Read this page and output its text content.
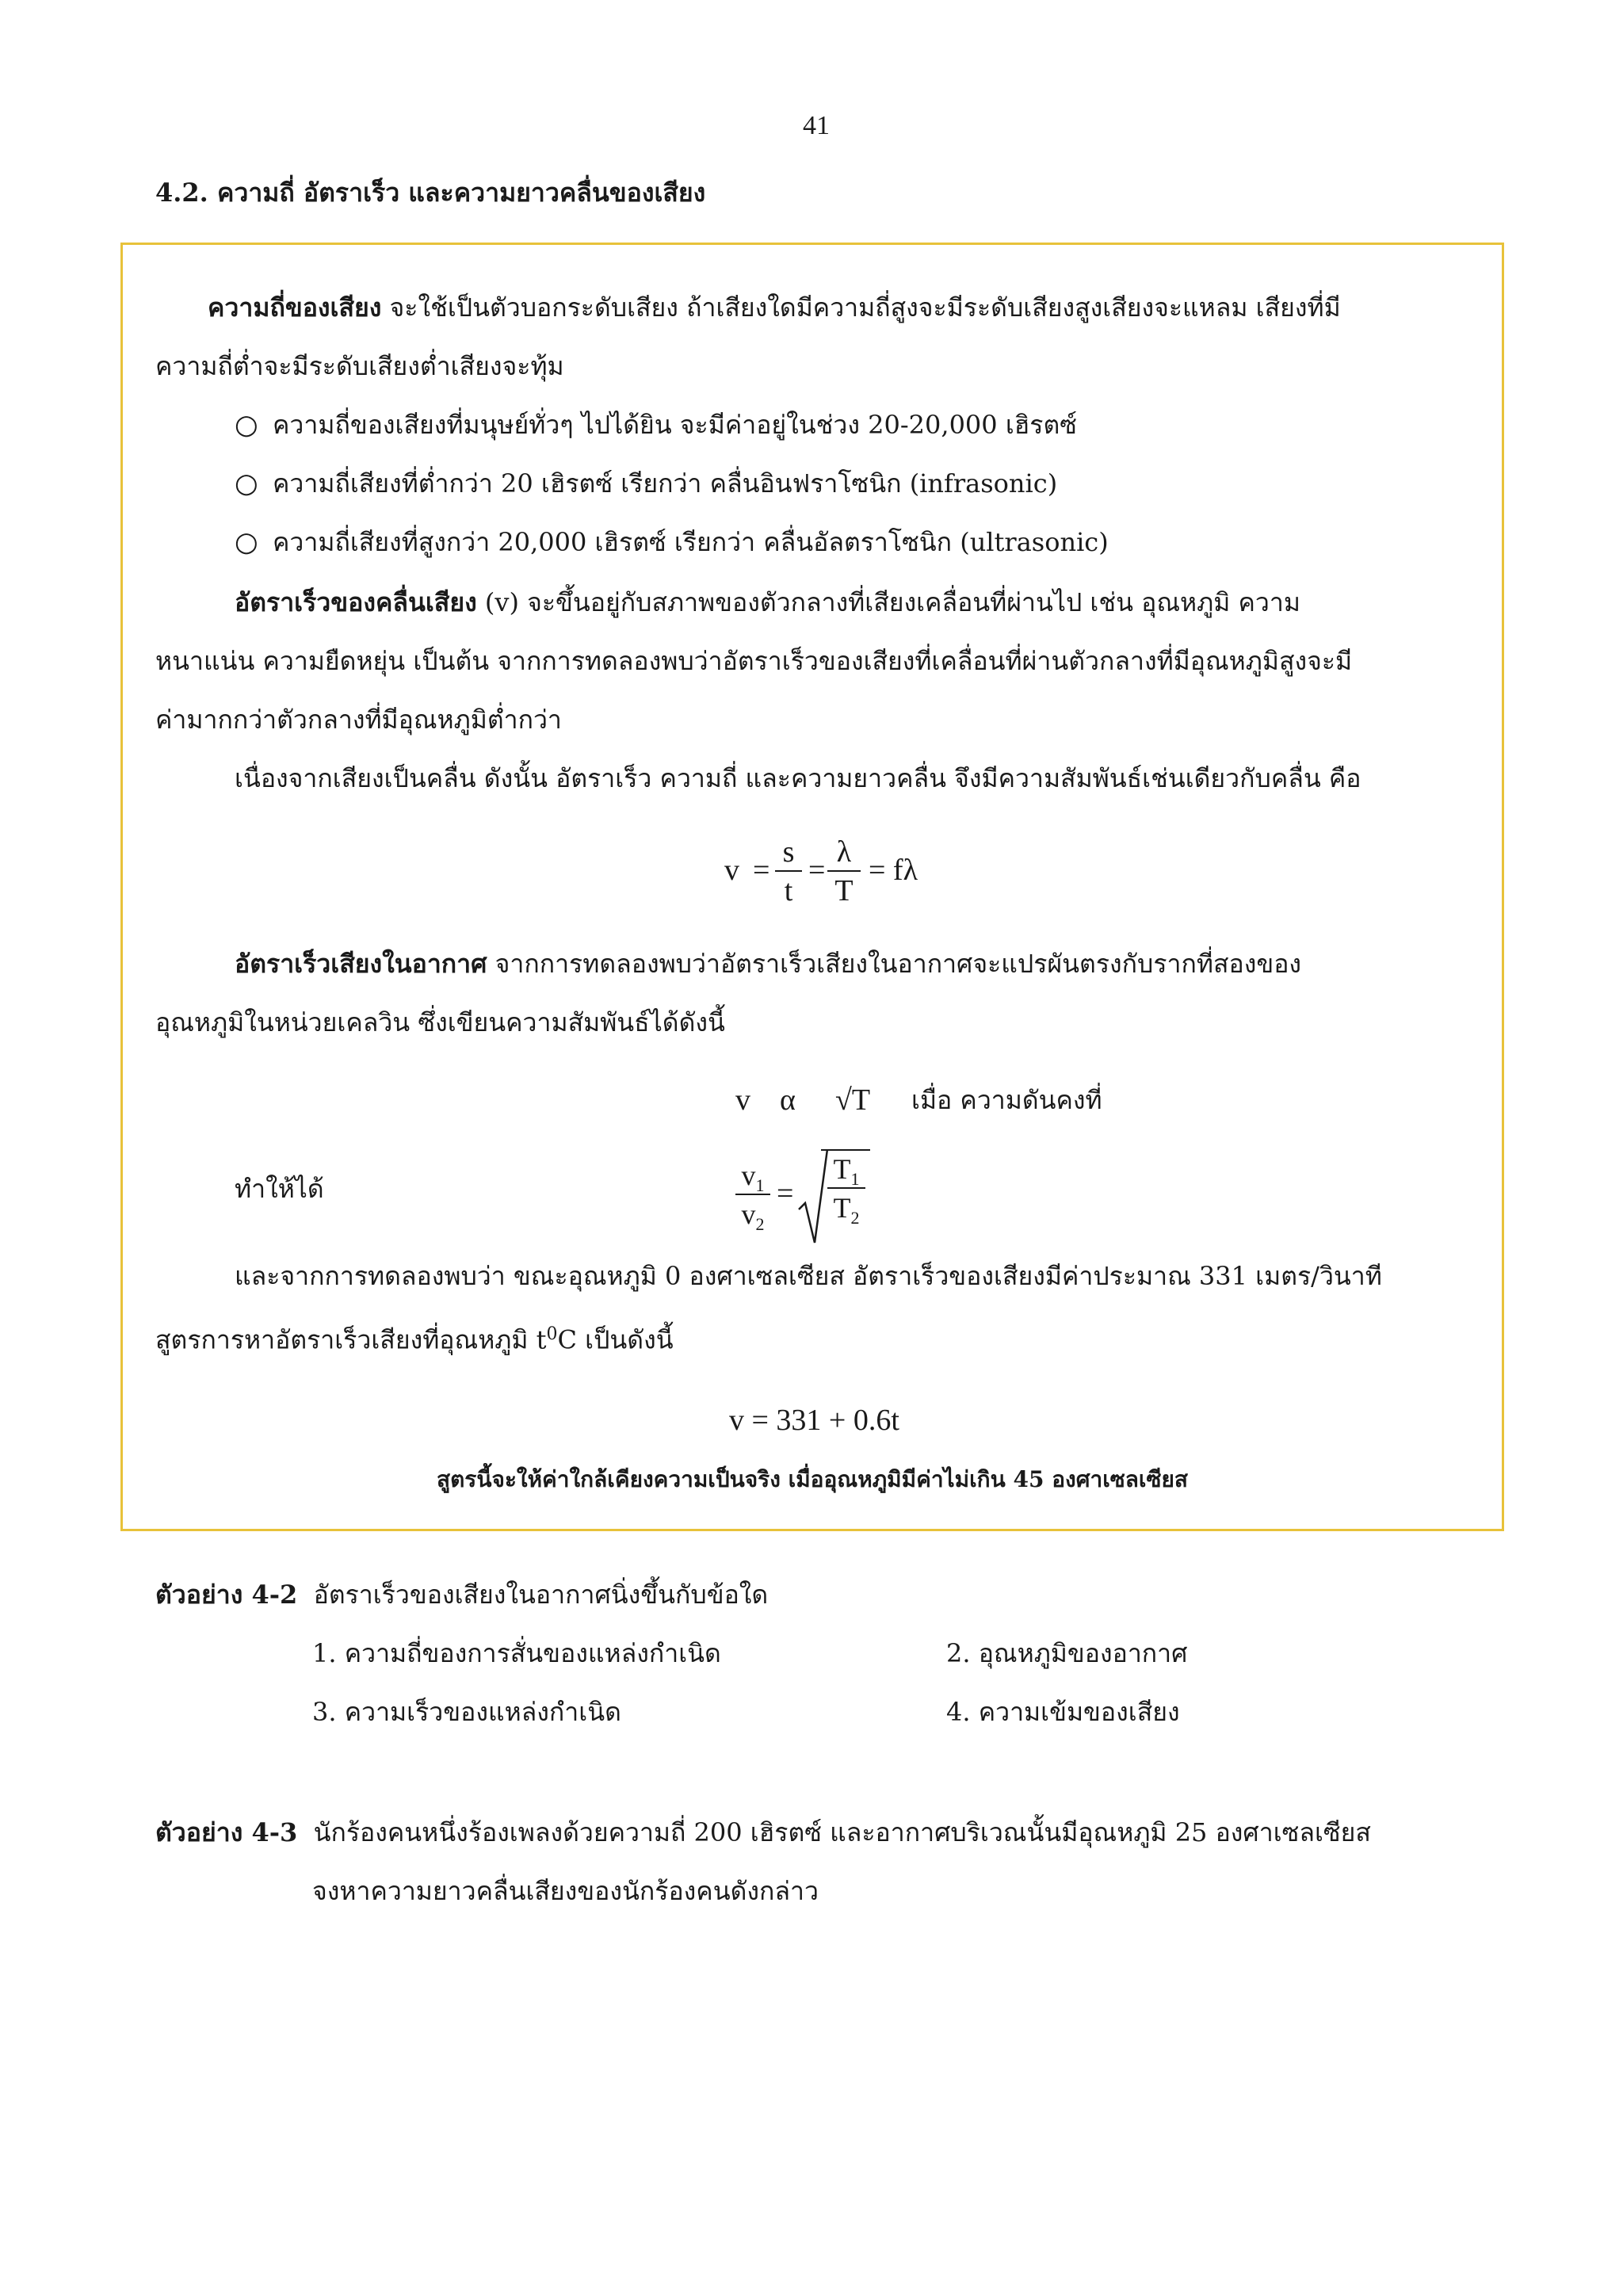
41
4.2. ความถี่ อัตราเร็ว และความยาวคลื่นของเสียง
ความถี่ของเสียง จะใช้เป็นตัวบอกระดับเสียง ถ้าเสียงใดมีความถี่สูงจะมีระดับเสียงสูงเสียงจะแหลม เสียงที่มี
ความถี่ต่ำจะมีระดับเสียงต่ำเสียงจะทุ้ม
○ ความถี่ของเสียงที่มนุษย์ทั่วๆ ไปได้ยิน จะมีค่าอยู่ในช่วง 20-20,000 เฮิรตซ์
○ ความถี่เสียงที่ต่ำกว่า 20 เฮิรตซ์ เรียกว่า คลื่นอินฟราโซนิก (infrasonic)
○ ความถี่เสียงที่สูงกว่า 20,000 เฮิรตซ์ เรียกว่า คลื่นอัลตราโซนิก (ultrasonic)
อัตราเร็วของคลื่นเสียง (v) จะขึ้นอยู่กับสภาพของตัวกลางที่เสียงเคลื่อนที่ผ่านไป เช่น อุณหภูมิ ความ
หนาแน่น ความยืดหยุ่น เป็นต้น จากการทดลองพบว่าอัตราเร็วของเสียงที่เคลื่อนที่ผ่านตัวกลางที่มีอุณหภูมิสูงจะมี
ค่ามากกว่าตัวกลางที่มีอุณหภูมิต่ำกว่า
เนื่องจากเสียงเป็นคลื่น ดังนั้น อัตราเร็ว ความถี่ และความยาวคลื่น จึงมีความสัมพันธ์เช่นเดียวกับคลื่น คือ
v =
s
t
=
λ
T
= fλ
อัตราเร็วเสียงในอากาศ จากการทดลองพบว่าอัตราเร็วเสียงในอากาศจะแปรผันตรงกับรากที่สองของ
อุณหภูมิในหน่วยเคลวิน ซึ่งเขียนความสัมพันธ์ได้ดังนี้
v α √T เมื่อ ความดันคงที่
ทำให้ได้	$v_1$
$v_2$
=
$T_1$
$T_2$
และจากการทดลองพบว่า ขณะอุณหภูมิ 0 องศาเซลเซียส อัตราเร็วของเสียงมีค่าประมาณ 331 เมตร/วินาที
สูตรการหาอัตราเร็วเสียงที่อุณหภูมิ $t^0C$ เป็นดังนี้
v = 331 + 0.6t
สูตรนี้จะให้ค่าใกล้เคียงความเป็นจริง เมื่ออุณหภูมิมีค่าไม่เกิน 45 องศาเซลเซียส
ตัวอย่าง 4-2 อัตราเร็วของเสียงในอากาศนิ่งขึ้นกับข้อใด
1. ความถี่ของการสั่นของแหล่งกำเนิด	2. อุณหภูมิของอากาศ
3. ความเร็วของแหล่งกำเนิด	4. ความเข้มของเสียง
ตัวอย่าง 4-3 นักร้องคนหนึ่งร้องเพลงด้วยความถี่ 200 เฮิรตซ์ และอากาศบริเวณนั้นมีอุณหภูมิ 25 องศาเซลเซียส
จงหาความยาวคลื่นเสียงของนักร้องคนดังกล่าว
